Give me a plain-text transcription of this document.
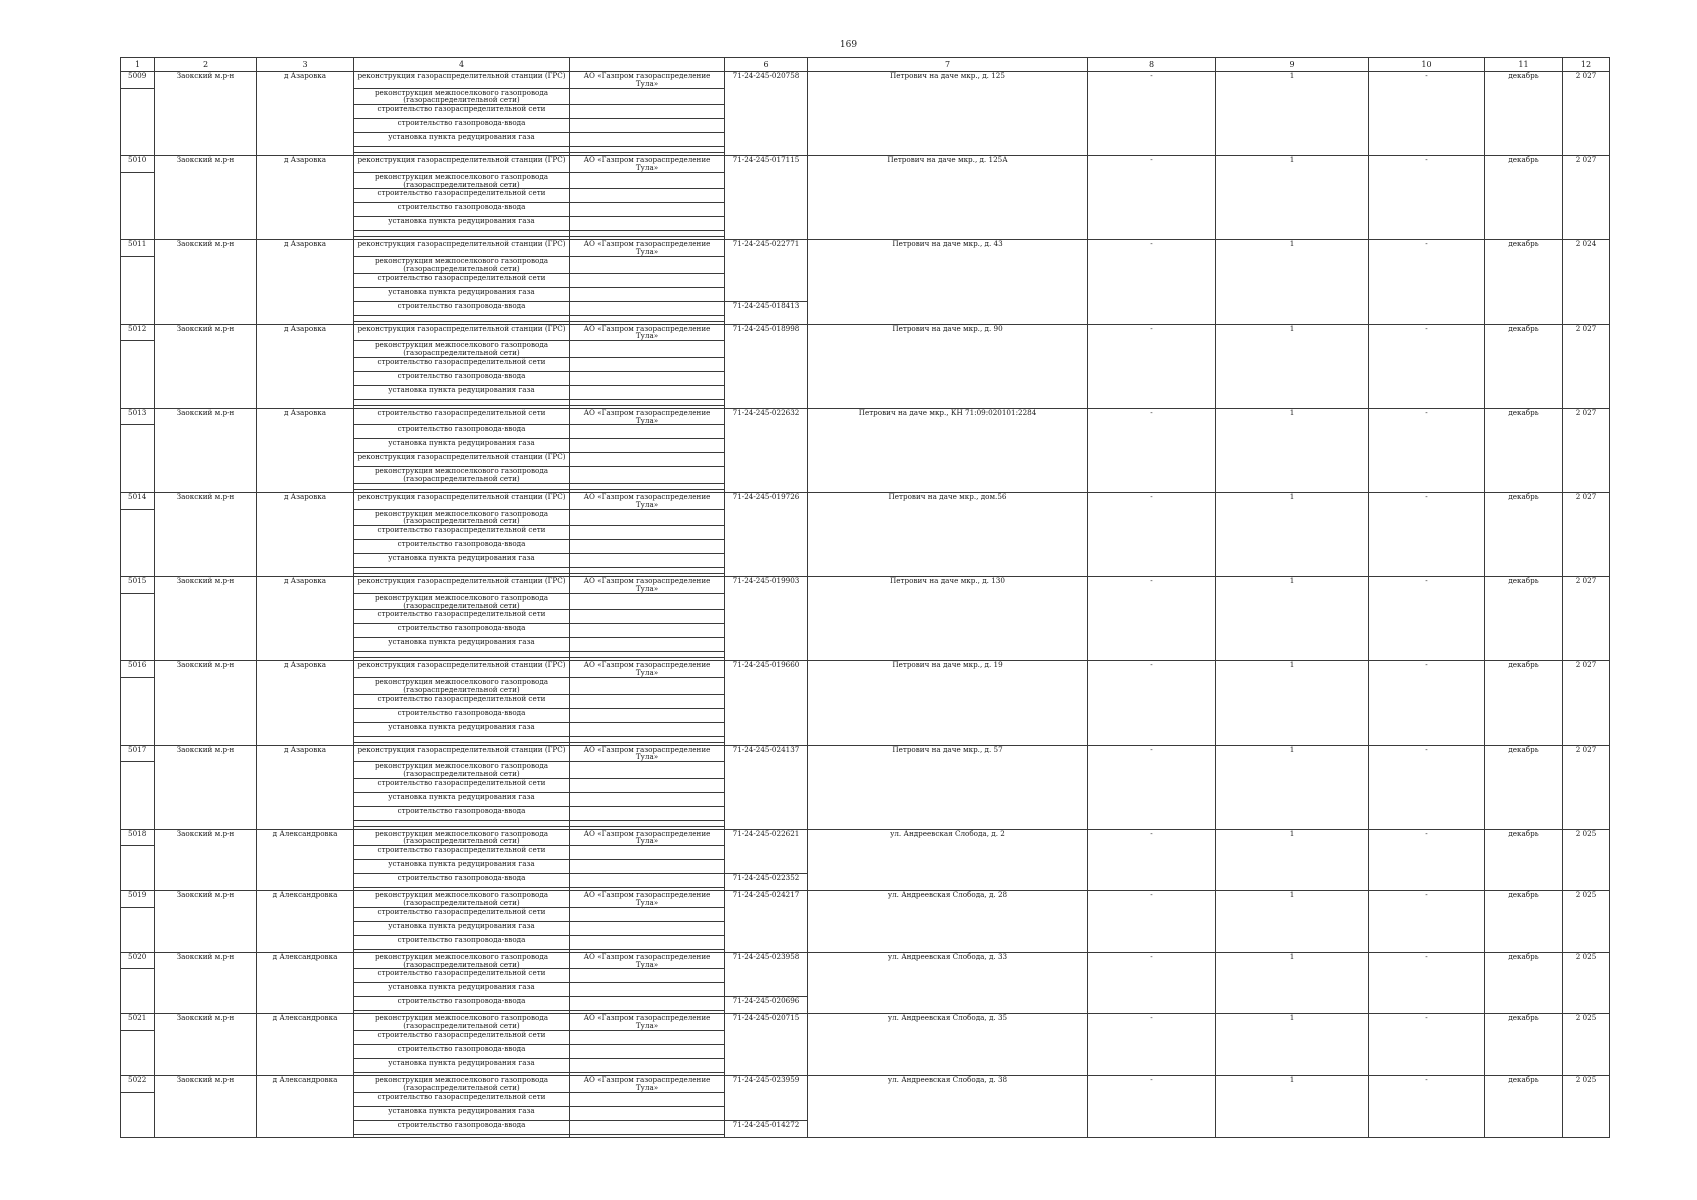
169
1	2	3	4		6	7	8	9	10	11	12
5009	Заокский м.р-н	д Азаровка	реконструкция газораспределительной станции (ГРС)	АО «Газпром газораспределение Тула»	71-24-245-020758	Петрович на даче мкр., д. 125	-	1	-	декабрь	2 027
			реконструкция межпоселкового газопровода (газораспределительной сети)								
			строительство газораспределительной сети								
			строительство газопровода-ввода								
			установка пункта редуцирования газа								

5010	Заокский м.р-н	д Азаровка	реконструкция газораспределительной станции (ГРС)	АО «Газпром газораспределение Тула»	71-24-245-017115	Петрович на даче мкр., д. 125А	-	1	-	декабрь	2 027
			реконструкция межпоселкового газопровода (газораспределительной сети)								
			строительство газораспределительной сети								
			строительство газопровода-ввода								
			установка пункта редуцирования газа								

5011	Заокский м.р-н	д Азаровка	реконструкция газораспределительной станции (ГРС)	АО «Газпром газораспределение Тула»	71-24-245-022771	Петрович на даче мкр., д. 43	-	1	-	декабрь	2 024
			реконструкция межпоселкового газопровода (газораспределительной сети)								
			строительство газораспределительной сети								
			установка пункта редуцирования газа								
			строительство газопровода-ввода		71-24-245-018413						

5012	Заокский м.р-н	д Азаровка	реконструкция газораспределительной станции (ГРС)	АО «Газпром газораспределение Тула»	71-24-245-018998	Петрович на даче мкр., д. 90	-	1	-	декабрь	2 027
			реконструкция межпоселкового газопровода (газораспределительной сети)								
			строительство газораспределительной сети								
			строительство газопровода-ввода								
			установка пункта редуцирования газа								

5013	Заокский м.р-н	д Азаровка	строительство газораспределительной сети	АО «Газпром газораспределение Тула»	71-24-245-022632	Петрович на даче мкр., КН 71:09:020101:2284	-	1	-	декабрь	2 027
			строительство газопровода-ввода								
			установка пункта редуцирования газа								
			реконструкция газораспределительной станции (ГРС)								
			реконструкция межпоселкового газопровода (газораспределительной сети)								

5014	Заокский м.р-н	д Азаровка	реконструкция газораспределительной станции (ГРС)	АО «Газпром газораспределение Тула»	71-24-245-019726	Петрович на даче мкр., дом.56	-	1	-	декабрь	2 027
			реконструкция межпоселкового газопровода (газораспределительной сети)								
			строительство газораспределительной сети								
			строительство газопровода-ввода								
			установка пункта редуцирования газа								

5015	Заокский м.р-н	д Азаровка	реконструкция газораспределительной станции (ГРС)	АО «Газпром газораспределение Тула»	71-24-245-019903	Петрович на даче мкр., д. 130	-	1	-	декабрь	2 027
			реконструкция межпоселкового газопровода (газораспределительной сети)								
			строительство газораспределительной сети								
			строительство газопровода-ввода								
			установка пункта редуцирования газа								

5016	Заокский м.р-н	д Азаровка	реконструкция газораспределительной станции (ГРС)	АО «Газпром газораспределение Тула»	71-24-245-019660	Петрович на даче мкр., д. 19	-	1	-	декабрь	2 027
			реконструкция межпоселкового газопровода (газораспределительной сети)								
			строительство газораспределительной сети								
			строительство газопровода-ввода								
			установка пункта редуцирования газа								

5017	Заокский м.р-н	д Азаровка	реконструкция газораспределительной станции (ГРС)	АО «Газпром газораспределение Тула»	71-24-245-024137	Петрович на даче мкр., д. 57	-	1	-	декабрь	2 027
			реконструкция межпоселкового газопровода (газораспределительной сети)								
			строительство газораспределительной сети								
			установка пункта редуцирования газа								
			строительство газопровода-ввода								

5018	Заокский м.р-н	д Александровка	реконструкция межпоселкового газопровода (газораспределительной сети)	АО «Газпром газораспределение Тула»	71-24-245-022621	ул. Андреевская Слобода, д. 2	-	1	-	декабрь	2 025
			строительство газораспределительной сети								
			установка пункта редуцирования газа								
			строительство газопровода-ввода		71-24-245-022352						

5019	Заокский м.р-н	д Александровка	реконструкция межпоселкового газопровода (газораспределительной сети)	АО «Газпром газораспределение Тула»	71-24-245-024217	ул. Андреевская Слобода, д. 28	-	1	-	декабрь	2 025
			строительство газораспределительной сети								
			установка пункта редуцирования газа								
			строительство газопровода-ввода								

5020	Заокский м.р-н	д Александровка	реконструкция межпоселкового газопровода (газораспределительной сети)	АО «Газпром газораспределение Тула»	71-24-245-023958	ул. Андреевская Слобода, д. 33	-	1	-	декабрь	2 025
			строительство газораспределительной сети								
			установка пункта редуцирования газа								
			строительство газопровода-ввода		71-24-245-020696						

5021	Заокский м.р-н	д Александровка	реконструкция межпоселкового газопровода (газораспределительной сети)	АО «Газпром газораспределение Тула»	71-24-245-020715	ул. Андреевская Слобода, д. 35	-	1	-	декабрь	2 025
			строительство газораспределительной сети								
			строительство газопровода-ввода								
			установка пункта редуцирования газа								

5022	Заокский м.р-н	д Александровка	реконструкция межпоселкового газопровода (газораспределительной сети)	АО «Газпром газораспределение Тула»	71-24-245-023959	ул. Андреевская Слобода, д. 38	-	1	-	декабрь	2 025
			строительство газораспределительной сети								
			установка пункта редуцирования газа								
			строительство газопровода-ввода		71-24-245-014272						
